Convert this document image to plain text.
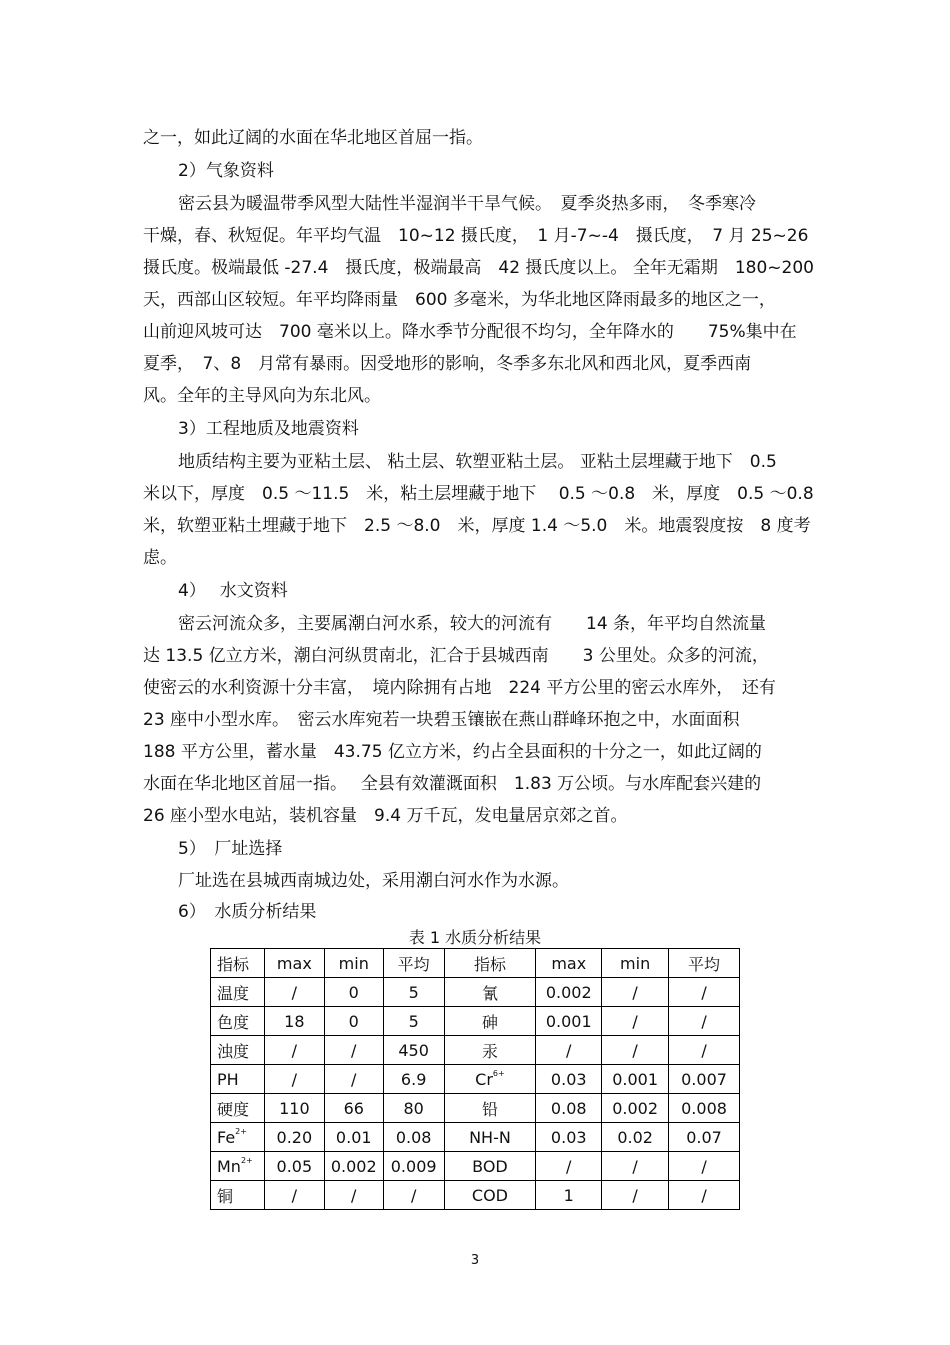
之一，如此辽阔的水面在华北地区首屈一指。
2）气象资料
密云县为暖温带季风型大陆性半湿润半干旱气候。　夏季炎热多雨，　冬季寒冷
干燥，春、秋短促。年平均气温　10~12 摄氏度，　1 月-7~-4　摄氏度，　7 月 25~26
摄氏度。极端最低 -27.4　摄氏度，极端最高　42 摄氏度以上。 全年无霜期　180~200
天，西部山区较短。年平均降雨量　600 多毫米，为华北地区降雨最多的地区之一，
山前迎风坡可达　700 毫米以上。降水季节分配很不均匀，全年降水的　　75%集中在
夏季，　7、8　月常有暴雨。因受地形的影响，冬季多东北风和西北风，夏季西南
风。全年的主导风向为东北风。
3）工程地质及地震资料
地质结构主要为亚粘土层、 粘土层、软塑亚粘土层。 亚粘土层埋藏于地下　0.5
米以下，厚度　0.5 ～11.5　米，粘土层埋藏于地下　 0.5 ～0.8　米，厚度　0.5 ～0.8
米，软塑亚粘土埋藏于地下　2.5 ～8.0　米，厚度 1.4 ～5.0　米。地震裂度按　8 度考
虑。
4）　 水文资料
密云河流众多，主要属潮白河水系，较大的河流有　　14 条，年平均自然流量
达 13.5 亿立方米，潮白河纵贯南北，汇合于县城西南　　3 公里处。众多的河流，
使密云的水利资源十分丰富，　境内除拥有占地　224 平方公里的密云水库外，　还有
23 座中小型水库。　密云水库宛若一块碧玉镶嵌在燕山群峰环抱之中，水面面积
188 平方公里，蓄水量　43.75 亿立方米，约占全县面积的十分之一，如此辽阔的
水面在华北地区首屈一指。　 全县有效灌溉面积　1.83 万公顷。与水库配套兴建的
26 座小型水电站，装机容量　9.4 万千瓦，发电量居京郊之首。
5）　厂址选择
厂址选在县城西南城边处，采用潮白河水作为水源。
6）　水质分析结果
表 1 水质分析结果
指标	max	min	平均	指标	max	min	平均
温度	/	0	5	氰	0.002	/	/
色度	18	0	5	砷	0.001	/	/
浊度	/	/	450	汞	/	/	/
PH	/	/	6.9	$Cr^{6+}$	0.03	0.001	0.007
硬度	110	66	80	铅	0.08	0.002	0.008
$Fe^{2+}$	0.20	0.01	0.08	NH-N	0.03	0.02	0.07
$Mn^{2+}$	0.05	0.002	0.009	BOD	/	/	/
铜	/	/	/	COD	1	/	/
3
